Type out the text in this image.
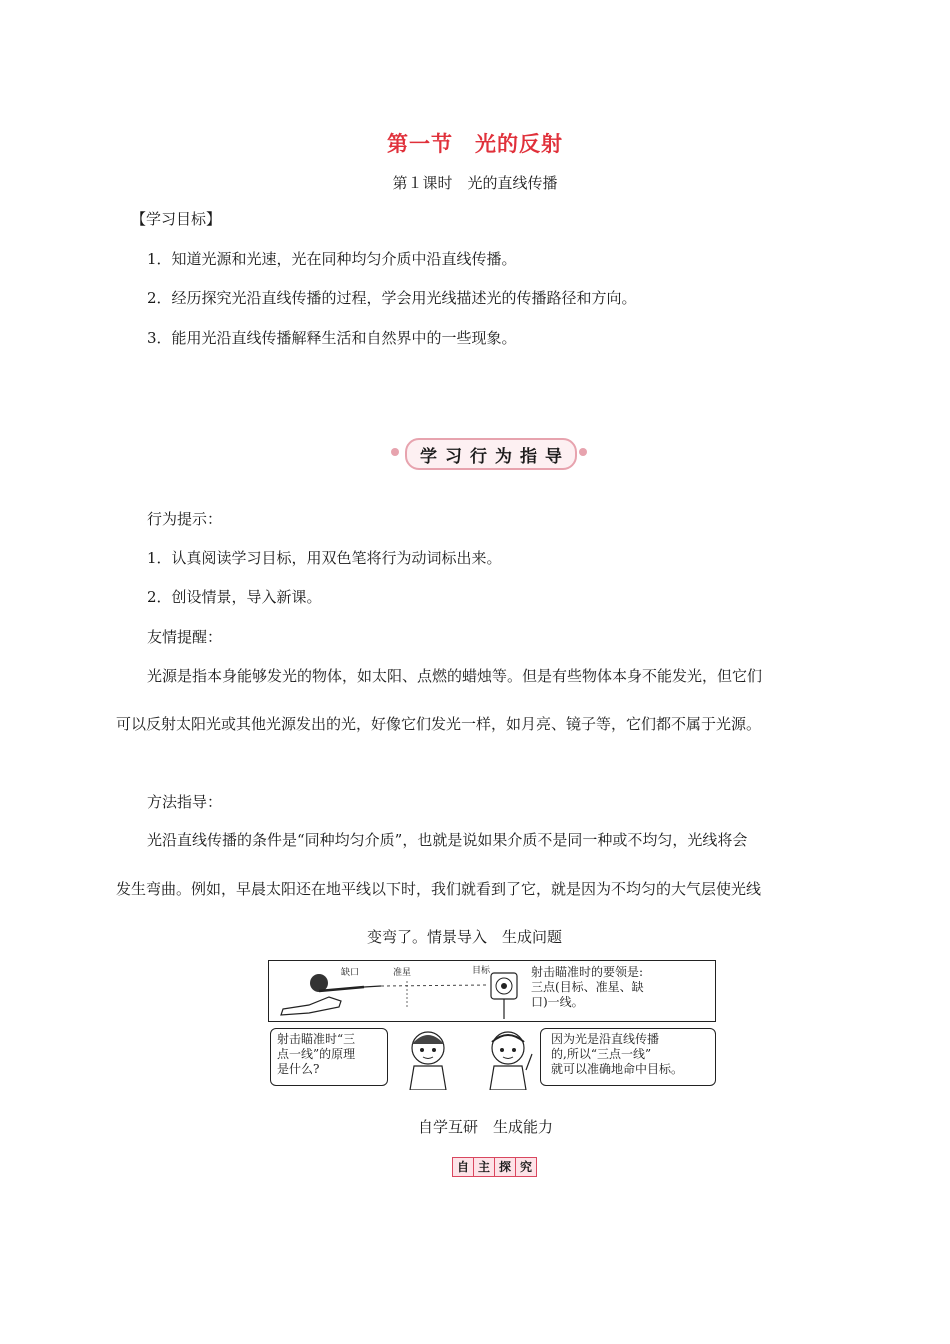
第一节　光的反射
第１课时　光的直线传播
【学习目标】
1．知道光源和光速，光在同种均匀介质中沿直线传播。
2．经历探究光沿直线传播的过程，学会用光线描述光的传播路径和方向。
3．能用光沿直线传播解释生活和自然界中的一些现象。
学习行为指导
行为提示：
1．认真阅读学习目标，用双色笔将行为动词标出来。
2．创设情景，导入新课。
友情提醒：
光源是指本身能够发光的物体，如太阳、点燃的蜡烛等。但是有些物体本身不能发光，但它们
可以反射太阳光或其他光源发出的光，好像它们发光一样，如月亮、镜子等，它们都不属于光源。
方法指导：
光沿直线传播的条件是“同种均匀介质”，也就是说如果介质不是同一种或不均匀，光线将会
发生弯曲。例如，早晨太阳还在地平线以下时，我们就看到了它，就是因为不均匀的大气层使光线
变弯了。情景导入　生成问题
缺口	准星	目标	射击瞄准时的要领是:
三点(目标、准星、缺
口)一线。
射击瞄准时“三
点一线”的原理
是什么?
因为光是沿直线传播
的,所以“三点一线”
就可以准确地命中目标。
自学互研　生成能力
自 主 探 究
